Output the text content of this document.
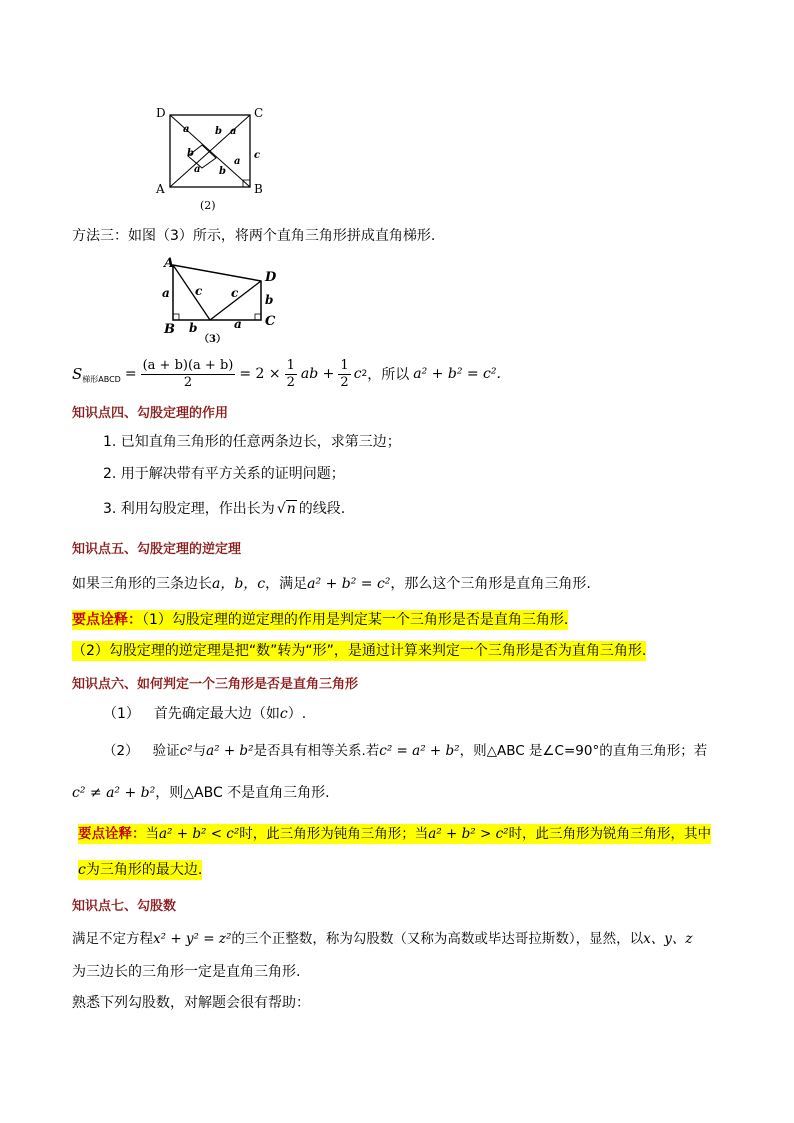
D	C
A	B
a	b a
b	c
a
a b
(2)
方法三：如图（3）所示，将两个直角三角形拼成直角梯形.
A
D
B
C
a c c b
b	a
（3）
$S_{梯形ABCD} = \frac{(a + b)(a + b)}{2} = 2 \times \frac{1}{2}$ ab + $\frac{1}{2}$ c 2 ，所以 a² + b² = c².
知识点四、勾股定理的作用
1. 已知直角三角形的任意两条边长，求第三边；
2. 用于解决带有平方关系的证明问题；
3. 利用勾股定理，作出长为 √n 的线段.
知识点五、勾股定理的逆定理
如果三角形的三条边长a，b，c，满足a² + b² = c²，那么这个三角形是直角三角形.
要点诠释：（1）勾股定理的逆定理的作用是判定某一个三角形是否是直角三角形.
（2）勾股定理的逆定理是把“数”转为“形”，是通过计算来判定一个三角形是否为直角三角形.
知识点六、如何判定一个三角形是否是直角三角形
（1） 首先确定最大边（如c）.
（2） 验证c²与a² + b²是否具有相等关系.若c² = a² + b²，则△ABC 是∠C=90°的直角三角形；若
c² ≠ a² + b²，则△ABC 不是直角三角形.
要点诠释：当a² + b² < c²时，此三角形为钝角三角形；当a² + b² > c²时，此三角形为锐角三角形，其中
c为三角形的最大边.
知识点七、勾股数
满足不定方程x² + y² = z²的三个正整数，称为勾股数（又称为高数或毕达哥拉斯数），显然，以x、y、z
为三边长的三角形一定是直角三角形.
熟悉下列勾股数，对解题会很有帮助：
